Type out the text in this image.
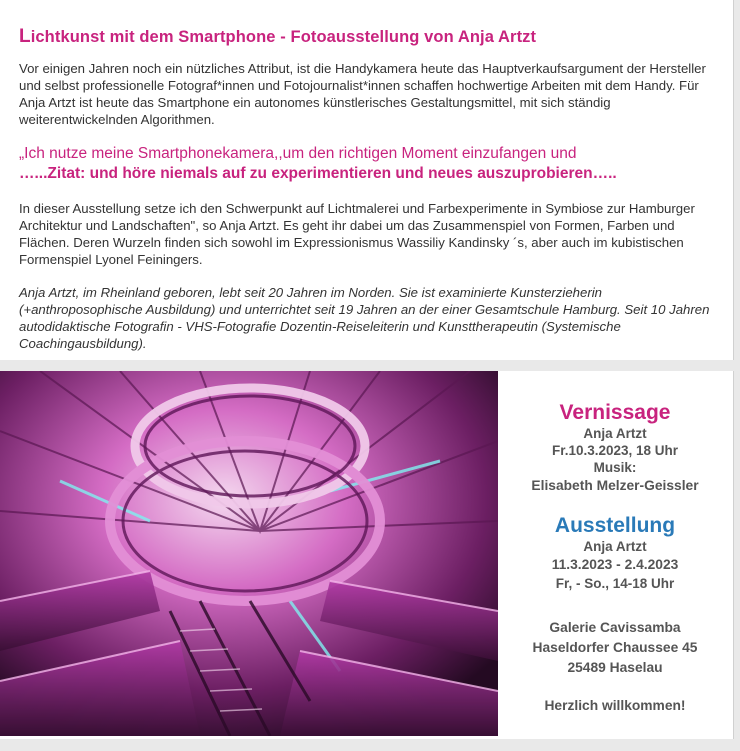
Lichtkunst mit dem Smartphone - Fotoausstellung von Anja Artzt

Vor einigen Jahren noch ein nützliches Attribut, ist die Handykamera heute das Hauptverkaufsargument der Hersteller und selbst professionelle Fotograf*innen und Fotojournalist*innen schaffen hochwertige Arbeiten mit dem Handy. Für Anja Artzt ist heute das Smartphone ein autonomes künstlerisches Gestaltungsmittel, mit sich ständig weiterentwickelnden Algorithmen.

„Ich nutze meine Smartphonekamera,,um den richtigen Moment einzufangen und
…...Zitat: und höre niemals auf zu experimentieren und neues auszuprobieren…..

In dieser Ausstellung setze ich den Schwerpunkt auf Lichtmalerei und Farbexperimente in Symbiose zur Hamburger Architektur und Landschaften", so Anja Artzt. Es geht ihr dabei um das Zusammenspiel von Formen, Farben und Flächen. Deren Wurzeln finden sich sowohl im Expressionismus Wassiliy Kandinsky ´s, aber auch im kubistischen Formenspiel Lyonel Feiningers.

Anja Artzt, im Rheinland geboren, lebt seit 20 Jahren im Norden. Sie ist examinierte Kunsterzieherin (+anthroposophische Ausbildung) und unterrichtet seit 19 Jahren an der einer Gesamtschule Hamburg. Seit 10 Jahren autodidaktische Fotografin - VHS-Fotografie Dozentin-Reiseleiterin und Kunsttherapeutin (Systemische Coachingausbildung).

Vernissage
Anja Artzt
Fr.10.3.2023, 18 Uhr
Musik:
Elisabeth Melzer-Geissler
Ausstellung
Anja Artzt
11.3.2023 - 2.4.2023
Fr, - So., 14-18 Uhr
Galerie Cavissamba
Haseldorfer Chaussee 45
25489 Haselau
Herzlich willkommen!
